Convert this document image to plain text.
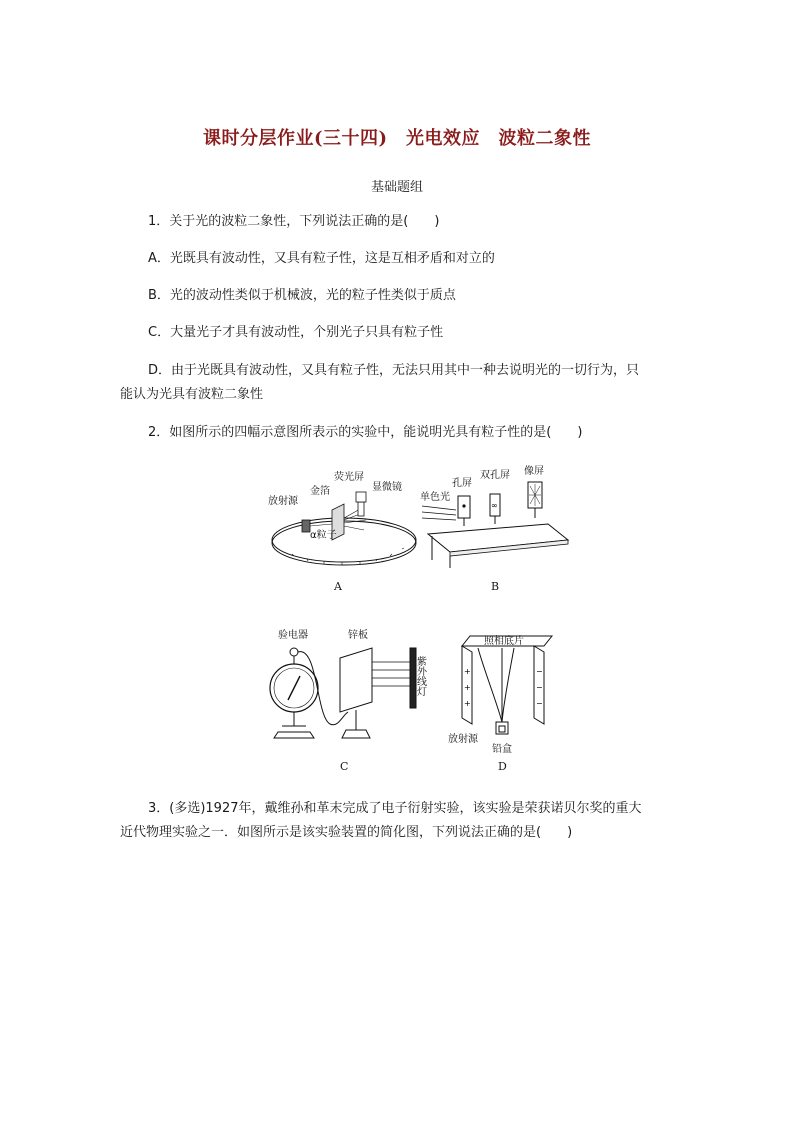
课时分层作业(三十四)　光电效应　波粒二象性
基础题组
1．关于光的波粒二象性，下列说法正确的是(　　)
A．光既具有波动性，又具有粒子性，这是互相矛盾和对立的
B．光的波动性类似于机械波，光的粒子性类似于质点
C．大量光子才具有波动性，个别光子只具有粒子性
D．由于光既具有波动性，又具有粒子性，无法只用其中一种去说明光的一切行为，只
能认为光具有波粒二象性
2．如图所示的四幅示意图所表示的实验中，能说明光具有粒子性的是(　　)
放射源
金箔
荧光屏
显微镜
α粒子
A
∞
单色光
孔屏
双孔屏 像屏
B
验电器	锌板
紫外线灯
C
+
+
+
−
−
−
照相底片
放射源
铅盒
D
3．(多选)1927年，戴维孙和革末完成了电子衍射实验，该实验是荣获诺贝尔奖的重大
近代物理实验之一．如图所示是该实验装置的简化图，下列说法正确的是(　　)
